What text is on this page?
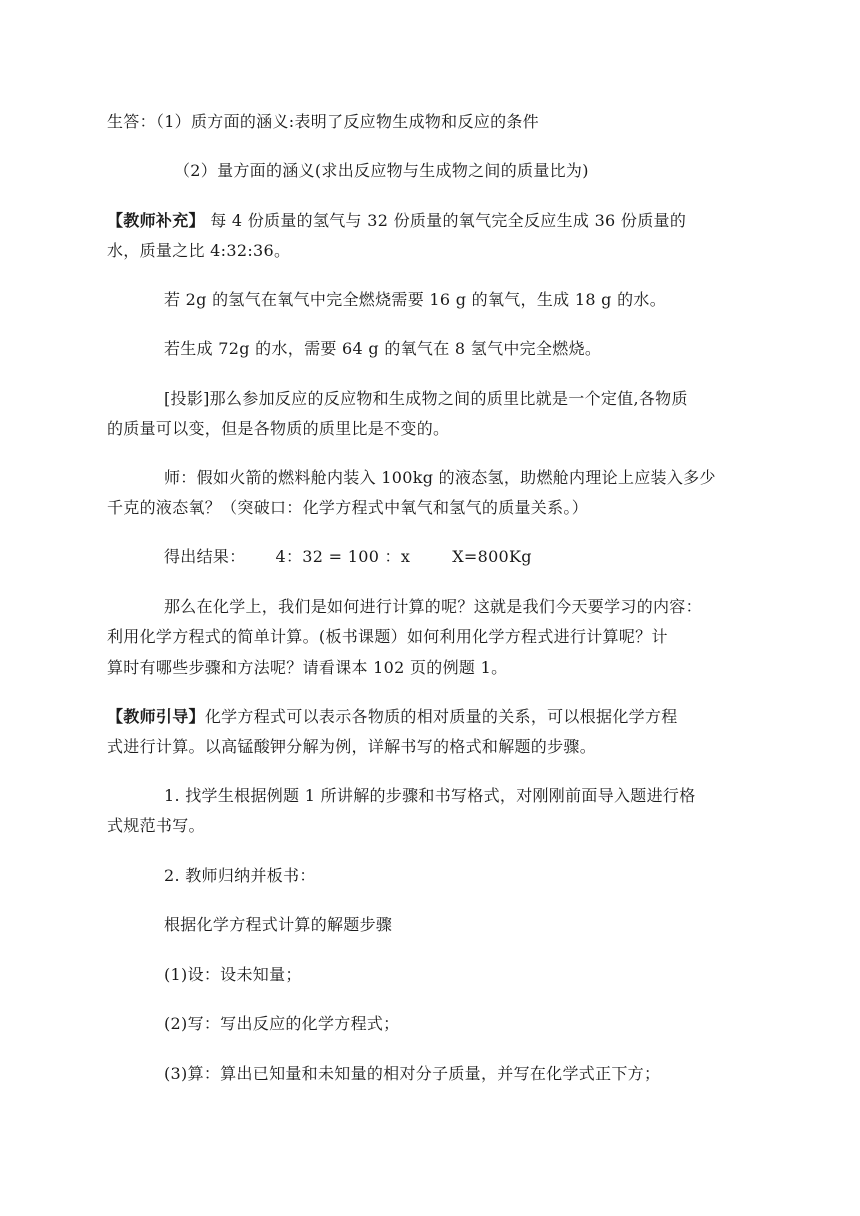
生答：（1）质方面的涵义:表明了反应物生成物和反应的条件
（2）量方面的涵义(求出反应物与生成物之间的质量比为)
【教师补充】 每 4 份质量的氢气与 32 份质量的氧气完全反应生成 36 份质量的
水，质量之比 4:32:36。
若 2g 的氢气在氧气中完全燃烧需要 16 g 的氧气，生成 18 g 的水。
若生成 72g 的水，需要 64 g 的氧气在 8 氢气中完全燃烧。
[投影]那么参加反应的反应物和生成物之间的质里比就是一个定值,各物质
的质量可以变，但是各物质的质里比是不变的。
师：假如火箭的燃料舱内装入 100kg 的液态氢，助燃舱内理论上应装入多少
千克的液态氧？（突破口：化学方程式中氧气和氢气的质量关系。）
得出结果： 4：32 = 100 ：x	X=800Kg
那么在化学上，我们是如何进行计算的呢？这就是我们今天要学习的内容：
利用化学方程式的简单计算。(板书课题）如何利用化学方程式进行计算呢？计
算时有哪些步骤和方法呢？请看课本 102 页的例题 1。
【教师引导】化学方程式可以表示各物质的相对质量的关系，可以根据化学方程
式进行计算。以高锰酸钾分解为例，详解书写的格式和解题的步骤。
1. 找学生根据例题 1 所讲解的步骤和书写格式，对刚刚前面导入题进行格
式规范书写。
2. 教师归纳并板书：
根据化学方程式计算的解题步骤
(1)设：设未知量；
(2)写：写出反应的化学方程式；
(3)算：算出已知量和未知量的相对分子质量，并写在化学式正下方；
